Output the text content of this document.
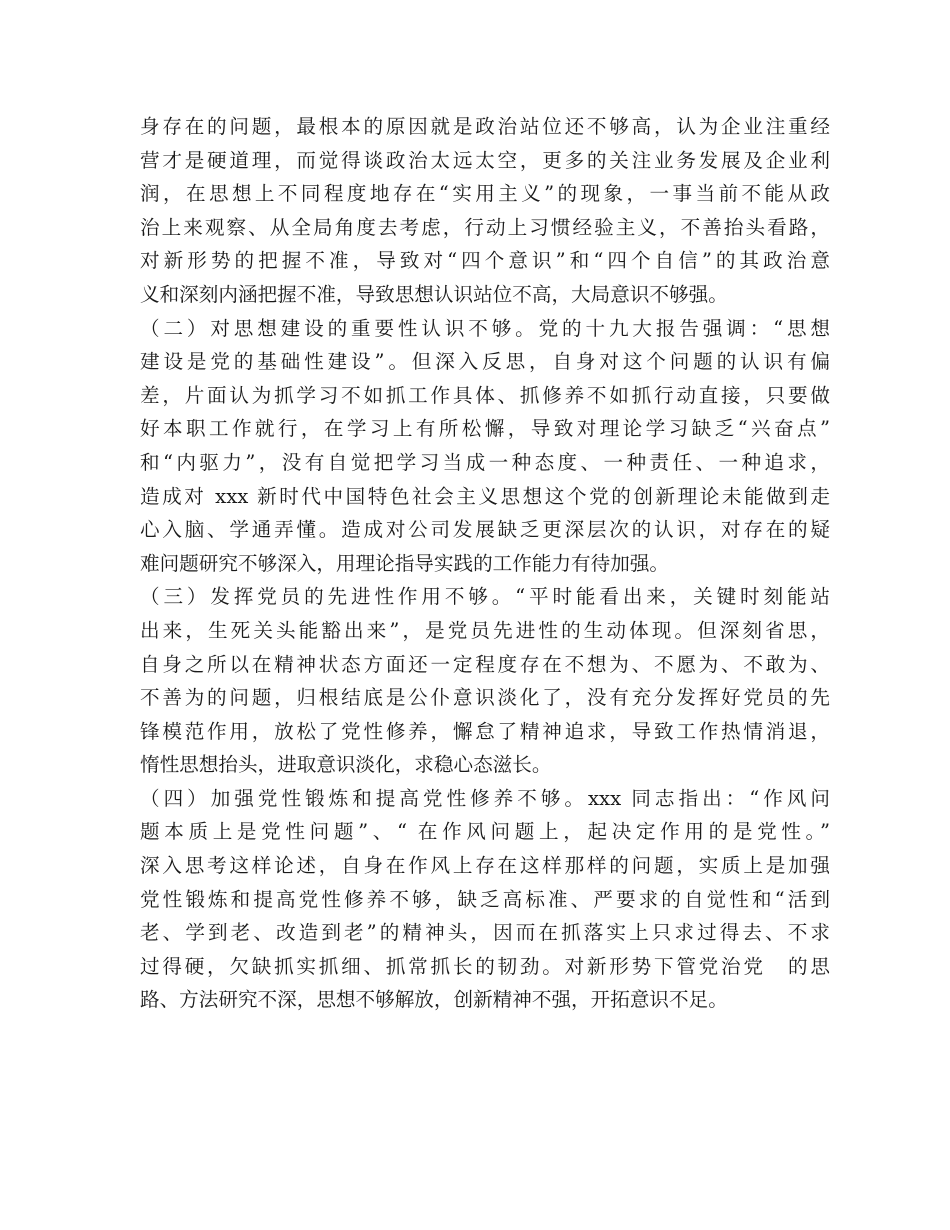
身存在的问题，最根本的原因就是政治站位还不够高，认为企业注重经
营才是硬道理，而觉得谈政治太远太空，更多的关注业务发展及企业利
润，在思想上不同程度地存在“实用主义”的现象，一事当前不能从政
治上来观察、从全局角度去考虑，行动上习惯经验主义，不善抬头看路，
对新形势的把握不准，导致对“四个意识”和“四个自信”的其政治意
义和深刻内涵把握不准，导致思想认识站位不高，大局意识不够强。
（二）对思想建设的重要性认识不够。党的十九大报告强调：“思想
建设是党的基础性建设”。但深入反思，自身对这个问题的认识有偏
差，片面认为抓学习不如抓工作具体、抓修养不如抓行动直接，只要做
好本职工作就行，在学习上有所松懈，导致对理论学习缺乏“兴奋点”
和“内驱力”，没有自觉把学习当成一种态度、一种责任、一种追求，
造成对 xxx 新时代中国特色社会主义思想这个党的创新理论未能做到走
心入脑、学通弄懂。造成对公司发展缺乏更深层次的认识，对存在的疑
难问题研究不够深入，用理论指导实践的工作能力有待加强。
（三）发挥党员的先进性作用不够。“平时能看出来，关键时刻能站
出来，生死关头能豁出来”，是党员先进性的生动体现。但深刻省思，
自身之所以在精神状态方面还一定程度存在不想为、不愿为、不敢为、
不善为的问题，归根结底是公仆意识淡化了，没有充分发挥好党员的先
锋模范作用，放松了党性修养，懈怠了精神追求，导致工作热情消退，
惰性思想抬头，进取意识淡化，求稳心态滋长。
（四）加强党性锻炼和提高党性修养不够。xxx 同志指出：“作风问
题本质上是党性问题”、“ 在作风问题上，起决定作用的是党性。”
深入思考这样论述，自身在作风上存在这样那样的问题，实质上是加强
党性锻炼和提高党性修养不够，缺乏高标准、严要求的自觉性和“活到
老、学到老、改造到老”的精神头，因而在抓落实上只求过得去、不求
过得硬，欠缺抓实抓细、抓常抓长的韧劲。对新形势下管党治党　的思
路、方法研究不深，思想不够解放，创新精神不强，开拓意识不足。
